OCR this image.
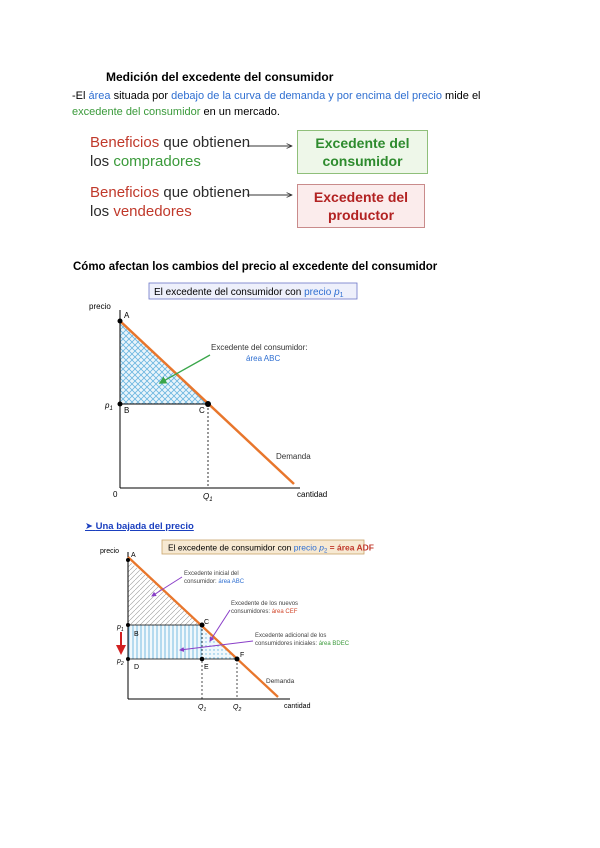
Medición del excedente del consumidor
-El área situada por debajo de la curva de demanda y por encima del precio mide el excedente del consumidor en un mercado.
Beneficios que obtienen
los compradores
Beneficios que obtienen
los vendedores
Excedente del
consumidor
Excedente del
productor
Cómo afectan los cambios del precio al excedente del consumidor
El excedente del consumidor con precio $p_1$
precio
cantidad
0
A
B	C
$p_1$
$Q_1$
Excedente del consumidor:
área ABC
Demanda
➤ Una bajada del precio
El excedente de consumidor con precio $p_2$ = área ADF
precio
cantidad
A
B
C
D	E
F
$p_1$
$p_2$
$Q_1$	$Q_2$
Excedente inicial del
consumidor: área ABC
Excedente de los nuevos
consumidores: área CEF
Excedente adicional de los
consumidores iniciales: área BDEC
Demanda
